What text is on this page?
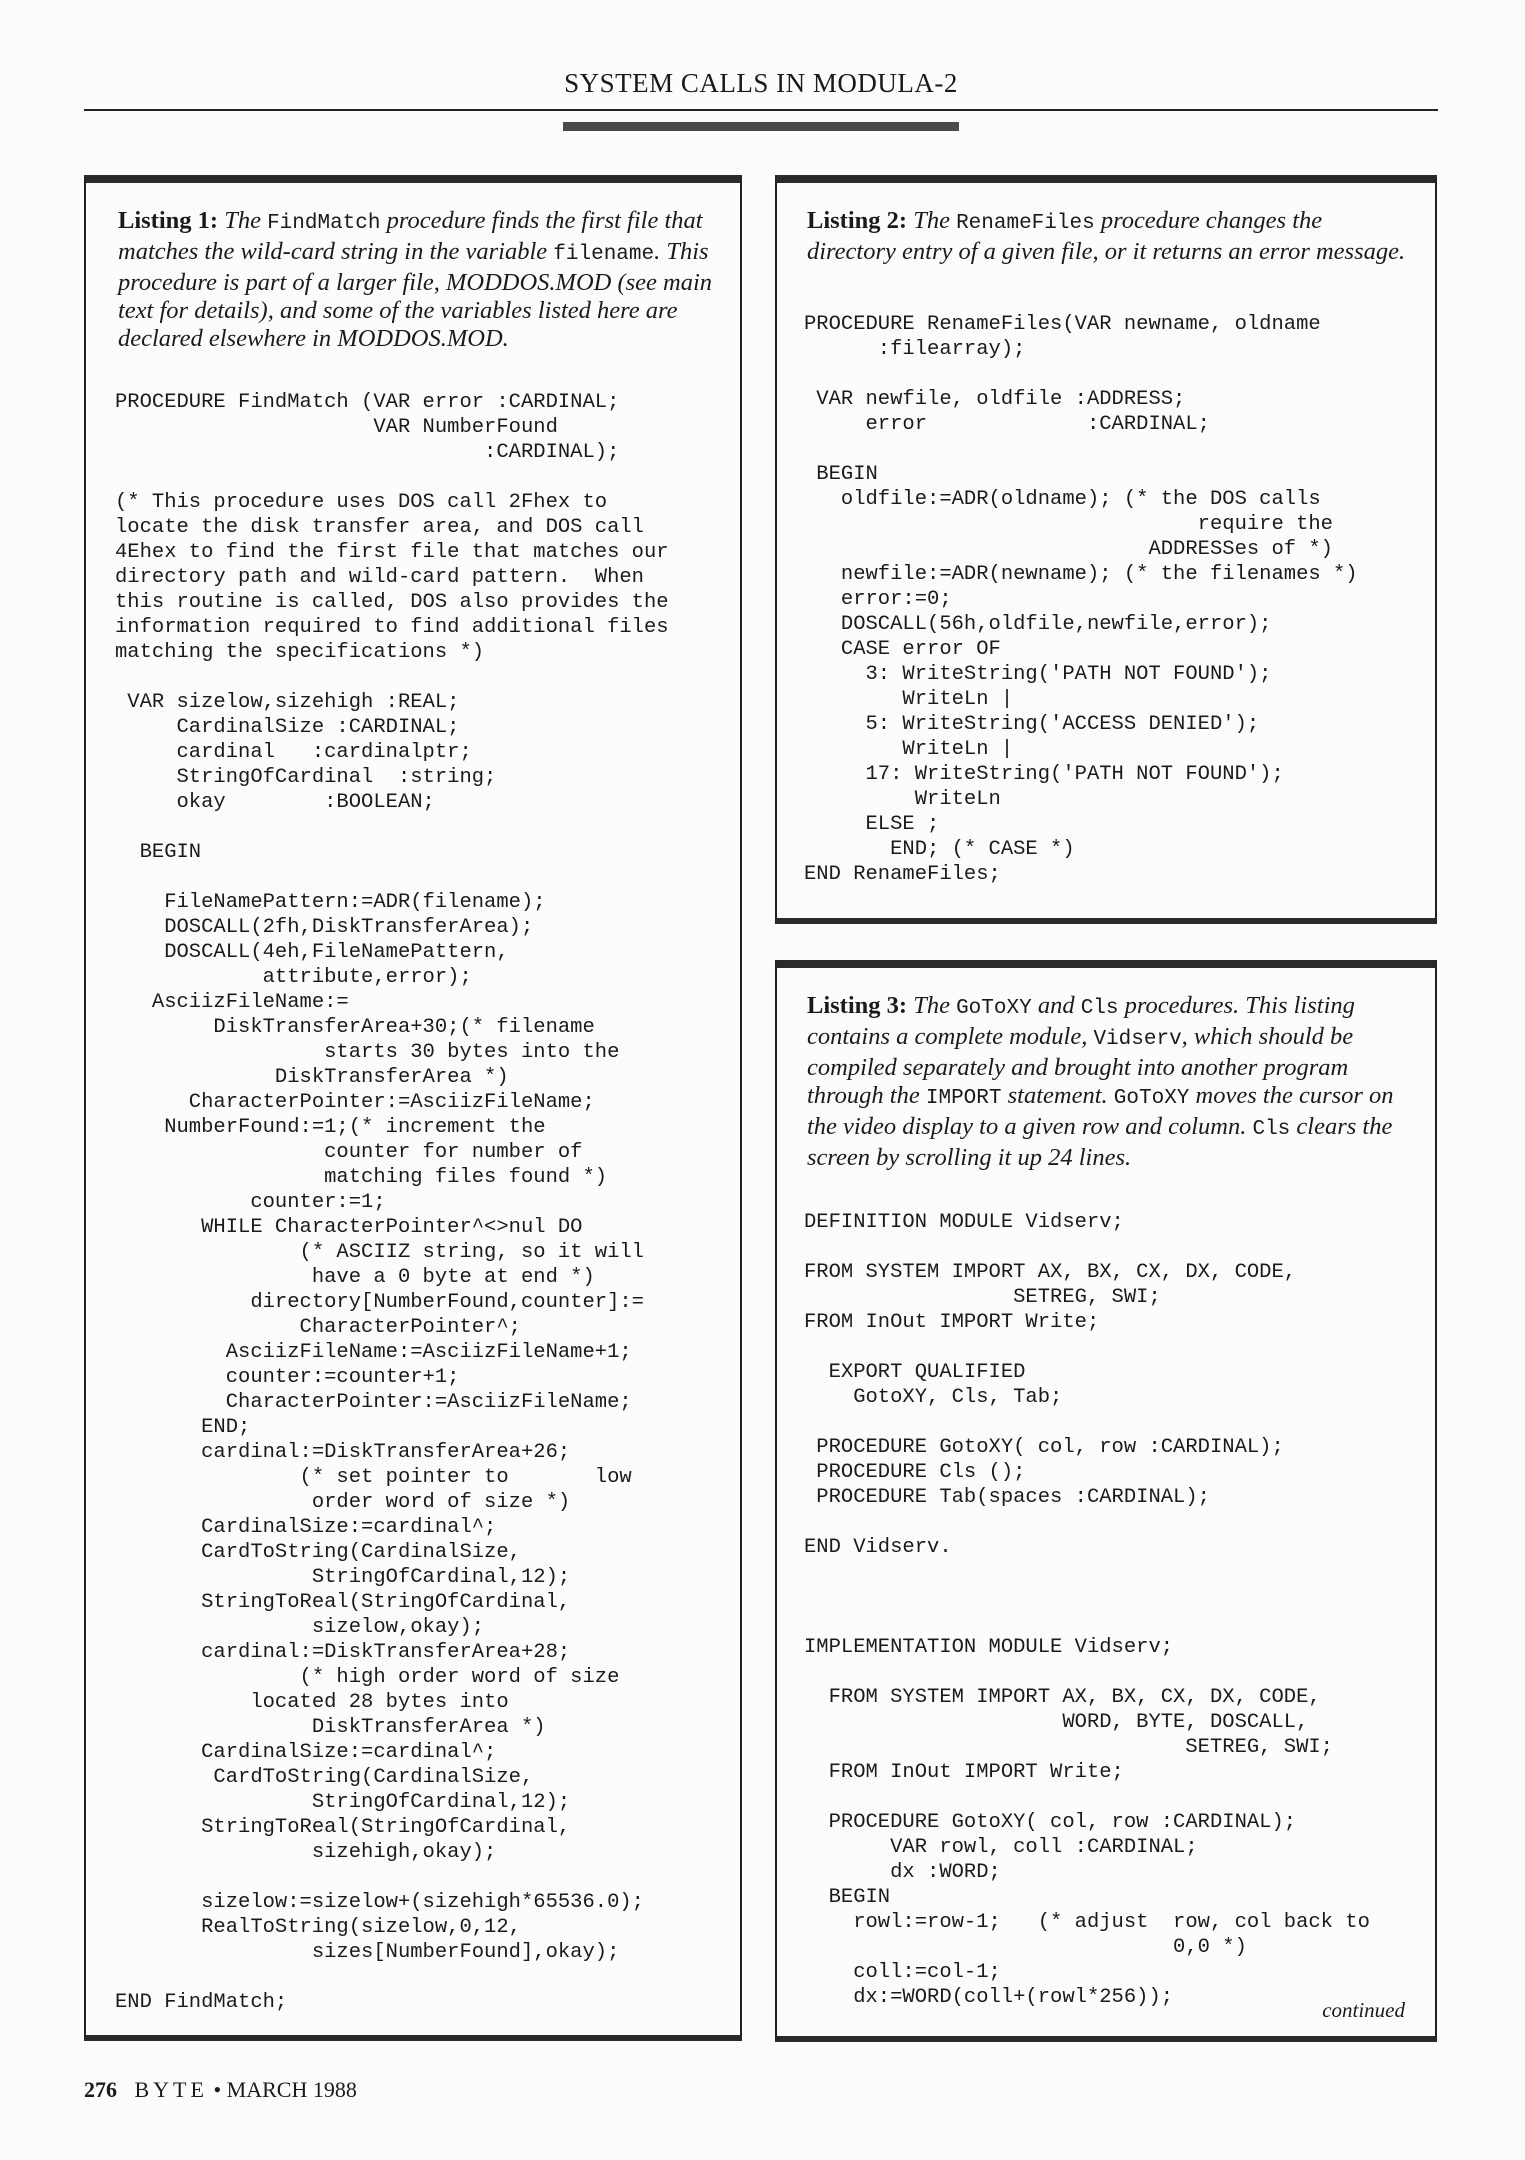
SYSTEM CALLS IN MODULA-2

Listing 1: The FindMatch procedure finds the first file that matches the wild-card string in the variable filename. This procedure is part of a larger file, MODDOS.MOD (see main text for details), and some of the variables listed here are declared elsewhere in MODDOS.MOD.

PROCEDURE FindMatch (VAR error :CARDINAL;
VAR NumberFound
:CARDINAL);

(* This procedure uses DOS call 2Fhex to
locate the disk transfer area, and DOS call
4Ehex to find the first file that matches our
directory path and wild-card pattern.  When
this routine is called, DOS also provides the
information required to find additional files
matching the specifications *)

VAR sizelow,sizehigh :REAL;
CardinalSize :CARDINAL;
cardinal   :cardinalptr;
StringOfCardinal  :string;
okay        :BOOLEAN;

BEGIN

FileNamePattern:=ADR(filename);
DOSCALL(2fh,DiskTransferArea);
DOSCALL(4eh,FileNamePattern,
attribute,error);
AsciizFileName:=
DiskTransferArea+30;(* filename
starts 30 bytes into the
DiskTransferArea *)
CharacterPointer:=AsciizFileName;
NumberFound:=1;(* increment the
counter for number of
matching files found *)
counter:=1;
WHILE CharacterPointer^<>nul DO
(* ASCIIZ string, so it will
have a 0 byte at end *)
directory[NumberFound,counter]:=
CharacterPointer^;
AsciizFileName:=AsciizFileName+1;
counter:=counter+1;
CharacterPointer:=AsciizFileName;
END;
cardinal:=DiskTransferArea+26;
(* set pointer to       low
order word of size *)
CardinalSize:=cardinal^;
CardToString(CardinalSize,
StringOfCardinal,12);
StringToReal(StringOfCardinal,
sizelow,okay);
cardinal:=DiskTransferArea+28;
(* high order word of size
located 28 bytes into
DiskTransferArea *)
CardinalSize:=cardinal^;
CardToString(CardinalSize,
StringOfCardinal,12);
StringToReal(StringOfCardinal,
sizehigh,okay);

sizelow:=sizelow+(sizehigh*65536.0);
RealToString(sizelow,0,12,
sizes[NumberFound],okay);

END FindMatch;

Listing 2: The RenameFiles procedure changes the directory entry of a given file, or it returns an error message.

PROCEDURE RenameFiles(VAR newname, oldname
:filearray);

VAR newfile, oldfile :ADDRESS;
error             :CARDINAL;

BEGIN
oldfile:=ADR(oldname); (* the DOS calls
require the
ADDRESSes of *)
newfile:=ADR(newname); (* the filenames *)
error:=0;
DOSCALL(56h,oldfile,newfile,error);
CASE error OF
3: WriteString('PATH NOT FOUND');
WriteLn |
5: WriteString('ACCESS DENIED');
WriteLn |
17: WriteString('PATH NOT FOUND');
WriteLn
ELSE ;
END; (* CASE *)
END RenameFiles;

Listing 3: The GoToXY and Cls procedures. This listing contains a complete module, Vidserv, which should be compiled separately and brought into another program through the IMPORT statement. GoToXY moves the cursor on the video display to a given row and column. Cls clears the screen by scrolling it up 24 lines.

DEFINITION MODULE Vidserv;

FROM SYSTEM IMPORT AX, BX, CX, DX, CODE,
SETREG, SWI;
FROM InOut IMPORT Write;

EXPORT QUALIFIED
GotoXY, Cls, Tab;

PROCEDURE GotoXY( col, row :CARDINAL);
PROCEDURE Cls ();
PROCEDURE Tab(spaces :CARDINAL);

END Vidserv.

IMPLEMENTATION MODULE Vidserv;

FROM SYSTEM IMPORT AX, BX, CX, DX, CODE,
WORD, BYTE, DOSCALL,
SETREG, SWI;
FROM InOut IMPORT Write;

PROCEDURE GotoXY( col, row :CARDINAL);
VAR rowl, coll :CARDINAL;
dx :WORD;
BEGIN
rowl:=row-1;   (* adjust  row, col back to
0,0 *)
coll:=col-1;
dx:=WORD(coll+(rowl*256));
continued
276 BYTE • MARCH 1988
